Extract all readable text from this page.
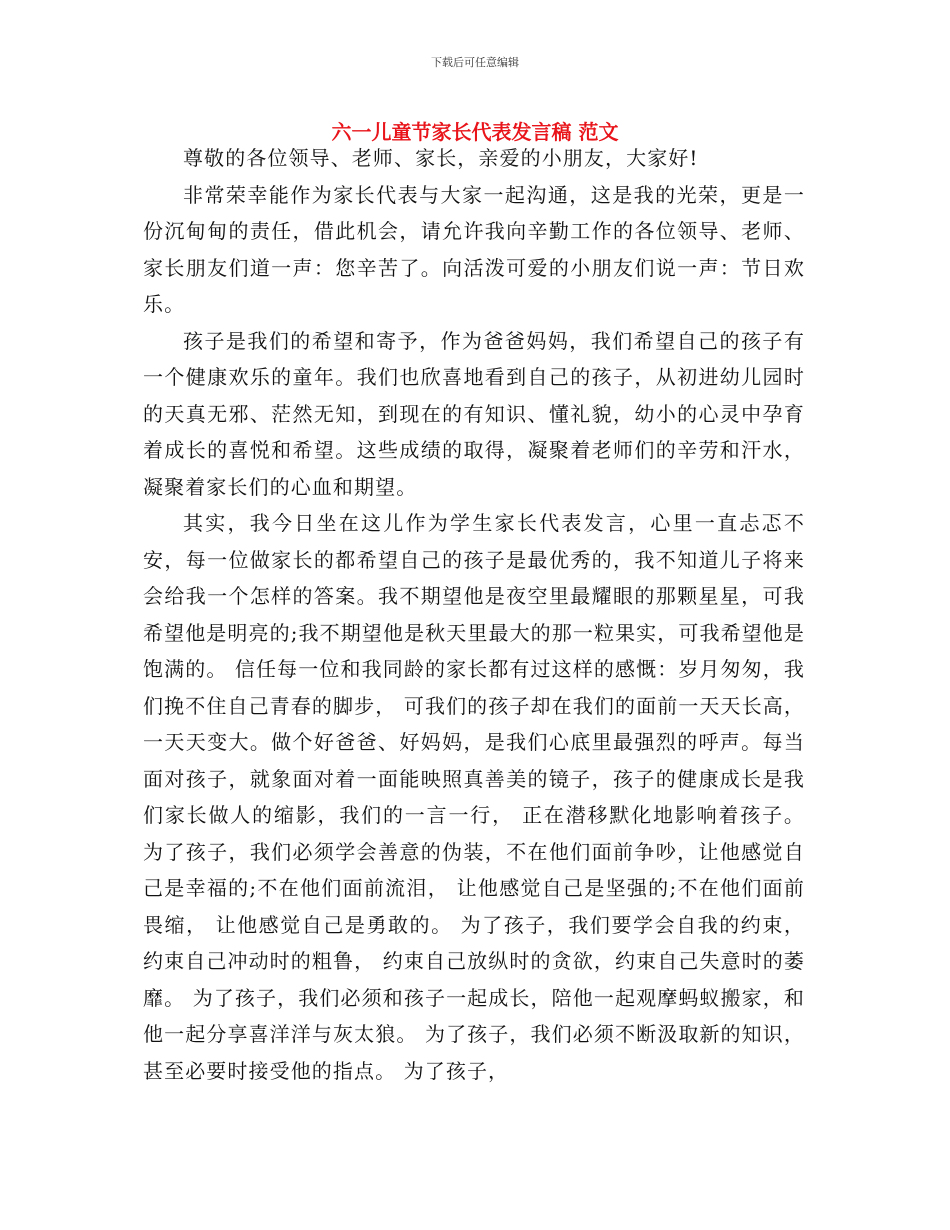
下载后可任意编辑
六一儿童节家长代表发言稿 范文

尊敬的各位领导、老师、家长，亲爱的小朋友，大家好!

非常荣幸能作为家长代表与大家一起沟通，这是我的光荣，更是一份沉甸甸的责任，借此机会，请允许我向辛勤工作的各位领导、老师、家长朋友们道一声：您辛苦了。向活泼可爱的小朋友们说一声：节日欢乐。

孩子是我们的希望和寄予，作为爸爸妈妈，我们希望自己的孩子有一个健康欢乐的童年。我们也欣喜地看到自己的孩子，从初进幼儿园时的天真无邪、茫然无知，到现在的有知识、懂礼貌，幼小的心灵中孕育着成长的喜悦和希望。这些成绩的取得，凝聚着老师们的辛劳和汗水，凝聚着家长们的心血和期望。

其实，我今日坐在这儿作为学生家长代表发言，心里一直忐忑不安，每一位做家长的都希望自己的孩子是最优秀的，我不知道儿子将来会给我一个怎样的答案。我不期望他是夜空里最耀眼的那颗星星，可我希望他是明亮的;我不期望他是秋天里最大的那一粒果实，可我希望他是饱满的。 信任每一位和我同龄的家长都有过这样的感慨：岁月匆匆，我们挽不住自己青春的脚步， 可我们的孩子却在我们的面前一天天长高，一天天变大。做个好爸爸、好妈妈，是我们心底里最强烈的呼声。每当面对孩子，就象面对着一面能映照真善美的镜子，孩子的健康成长是我们家长做人的缩影，我们的一言一行， 正在潜移默化地影响着孩子。 为了孩子，我们必须学会善意的伪装，不在他们面前争吵，让他感觉自己是幸福的;不在他们面前流泪， 让他感觉自己是坚强的;不在他们面前畏缩， 让他感觉自己是勇敢的。 为了孩子，我们要学会自我的约束，约束自己冲动时的粗鲁， 约束自己放纵时的贪欲，约束自己失意时的萎靡。 为了孩子，我们必须和孩子一起成长，陪他一起观摩蚂蚁搬家，和他一起分享喜洋洋与灰太狼。 为了孩子，我们必须不断汲取新的知识，甚至必要时接受他的指点。 为了孩子，
